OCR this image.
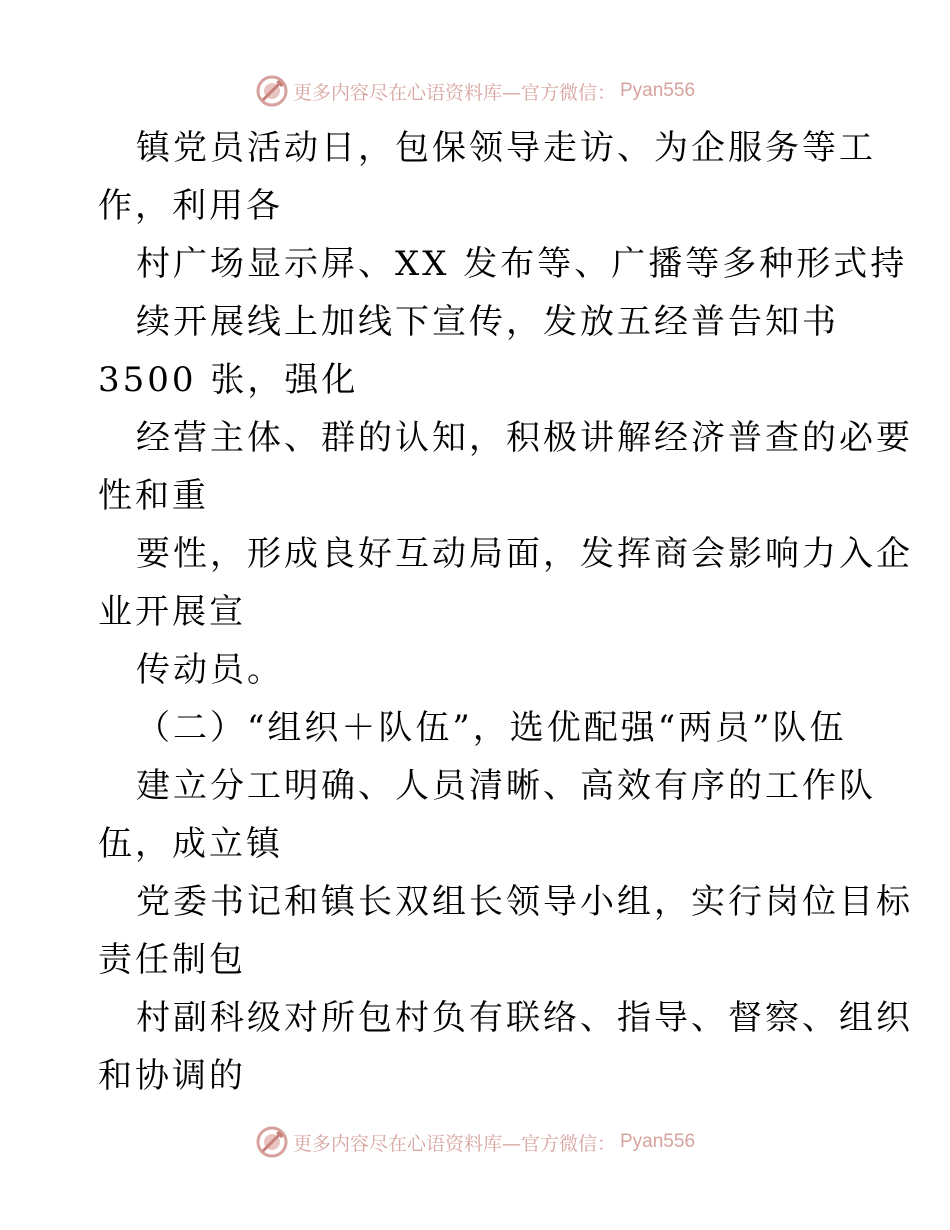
更多内容尽在心语资料库—官方微信： Pyan556
镇党员活动日，包保领导走访、为企服务等工
作，利用各
村广场显示屏、XX 发布等、广播等多种形式持
续开展线上加线下宣传，发放五经普告知书
3500 张，强化
经营主体、群的认知，积极讲解经济普查的必要
性和重
要性，形成良好互动局面，发挥商会影响力入企
业开展宣
传动员。
（二）“组织＋队伍”，选优配强“两员”队伍
建立分工明确、人员清晰、高效有序的工作队
伍，成立镇
党委书记和镇长双组长领导小组，实行岗位目标
责任制包
村副科级对所包村负有联络、指导、督察、组织
和协调的
更多内容尽在心语资料库—官方微信： Pyan556
